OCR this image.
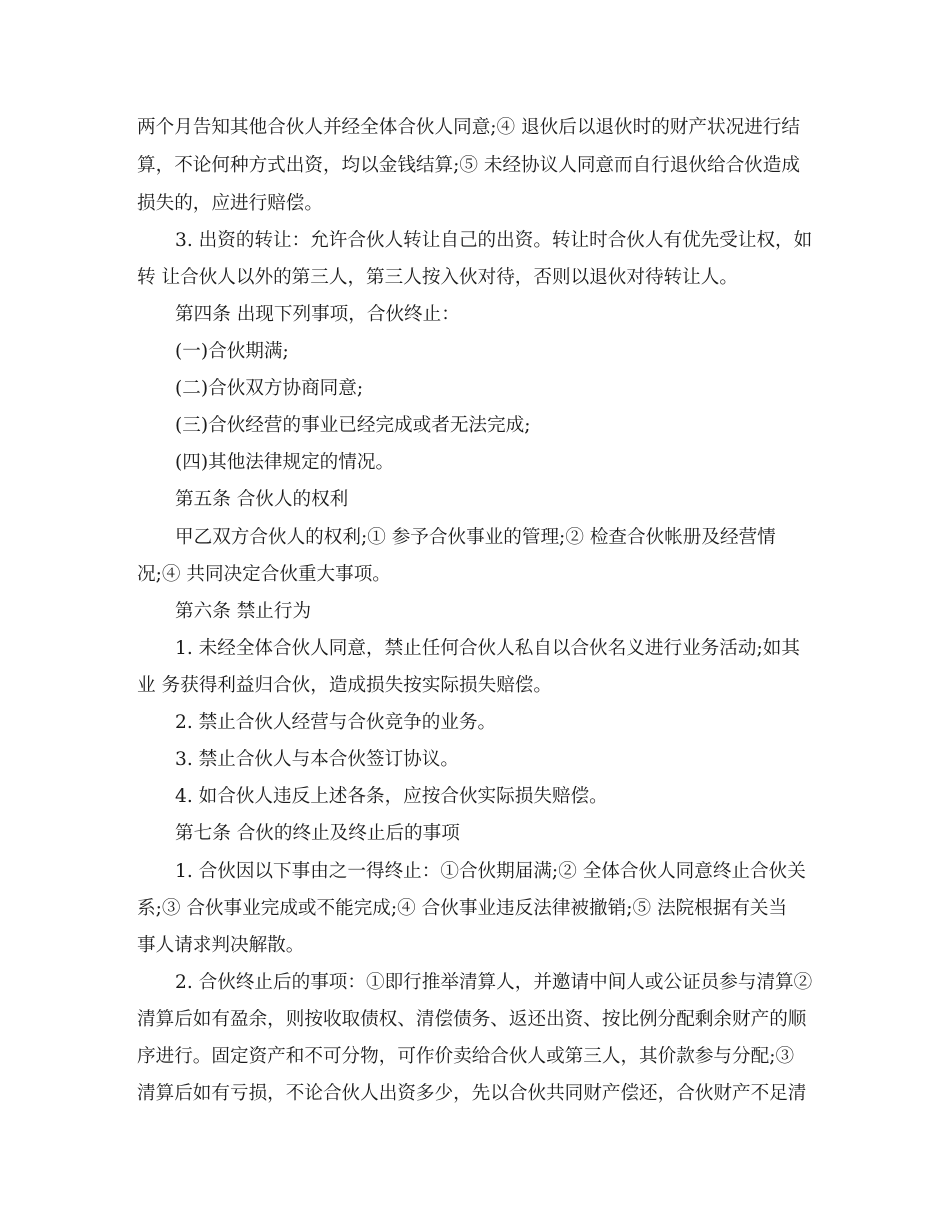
两个月告知其他合伙人并经全体合伙人同意;④ 退伙后以退伙时的财产状况进行结
算，不论何种方式出资，均以金钱结算;⑤ 未经协议人同意而自行退伙给合伙造成
损失的，应进行赔偿。
3. 出资的转让：允许合伙人转让自己的出资。转让时合伙人有优先受让权，如
转 让合伙人以外的第三人，第三人按入伙对待，否则以退伙对待转让人。
第四条 出现下列事项，合伙终止：
(一)合伙期满;
(二)合伙双方协商同意;
(三)合伙经营的事业已经完成或者无法完成;
(四)其他法律规定的情况。
第五条 合伙人的权利
甲乙双方合伙人的权利;① 参予合伙事业的管理;② 检查合伙帐册及经营情
况;④ 共同决定合伙重大事项。
第六条 禁止行为
1. 未经全体合伙人同意，禁止任何合伙人私自以合伙名义进行业务活动;如其
业 务获得利益归合伙，造成损失按实际损失赔偿。
2. 禁止合伙人经营与合伙竞争的业务。
3. 禁止合伙人与本合伙签订协议。
4. 如合伙人违反上述各条，应按合伙实际损失赔偿。
第七条 合伙的终止及终止后的事项
1. 合伙因以下事由之一得终止：①合伙期届满;② 全体合伙人同意终止合伙关
系;③ 合伙事业完成或不能完成;④ 合伙事业违反法律被撤销;⑤ 法院根据有关当
事人请求判决解散。
2. 合伙终止后的事项：①即行推举清算人，并邀请中间人或公证员参与清算②
清算后如有盈余，则按收取债权、清偿债务、返还出资、按比例分配剩余财产的顺
序进行。固定资产和不可分物，可作价卖给合伙人或第三人，其价款参与分配;③
清算后如有亏损，不论合伙人出资多少，先以合伙共同财产偿还，合伙财产不足清
